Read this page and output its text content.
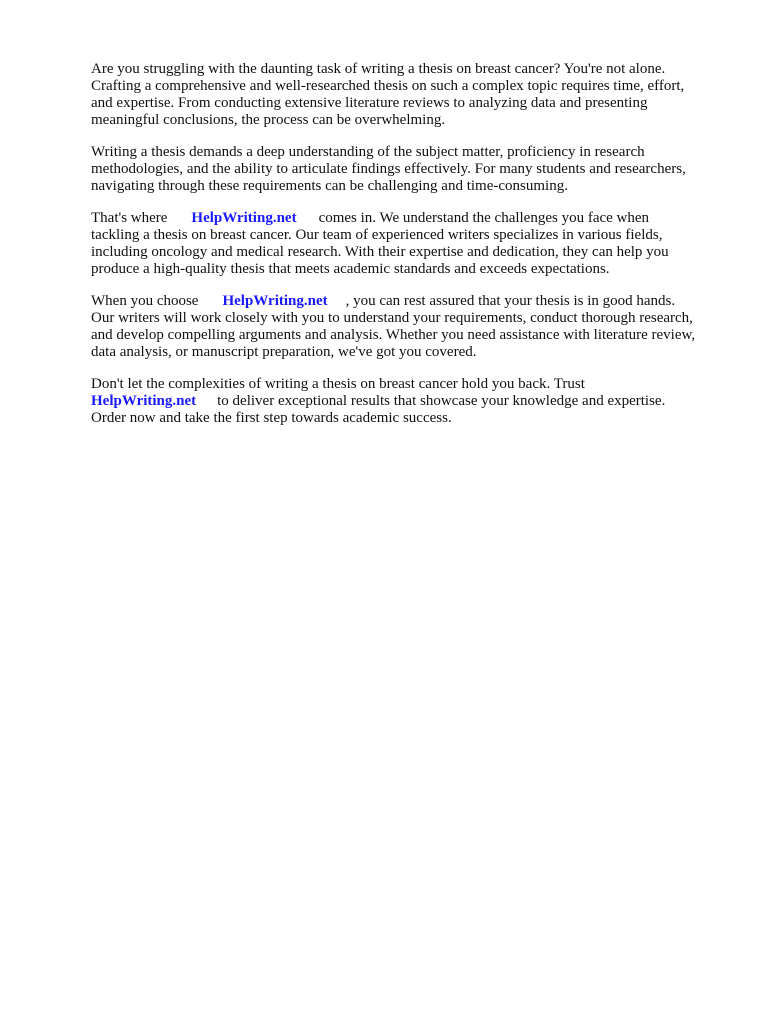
Are you struggling with the daunting task of writing a thesis on breast cancer? You're not alone.
Crafting a comprehensive and well-researched thesis on such a complex topic requires time, effort,
and expertise. From conducting extensive literature reviews to analyzing data and presenting
meaningful conclusions, the process can be overwhelming.

Writing a thesis demands a deep understanding of the subject matter, proficiency in research
methodologies, and the ability to articulate findings effectively. For many students and researchers,
navigating through these requirements can be challenging and time-consuming.

That's where HelpWriting.net comes in. We understand the challenges you face when
tackling a thesis on breast cancer. Our team of experienced writers specializes in various fields,
including oncology and medical research. With their expertise and dedication, they can help you
produce a high-quality thesis that meets academic standards and exceeds expectations.

When you choose HelpWriting.net , you can rest assured that your thesis is in good hands.
Our writers will work closely with you to understand your requirements, conduct thorough research,
and develop compelling arguments and analysis. Whether you need assistance with literature review,
data analysis, or manuscript preparation, we've got you covered.

Don't let the complexities of writing a thesis on breast cancer hold you back. Trust
HelpWriting.net to deliver exceptional results that showcase your knowledge and expertise.
Order now and take the first step towards academic success.
